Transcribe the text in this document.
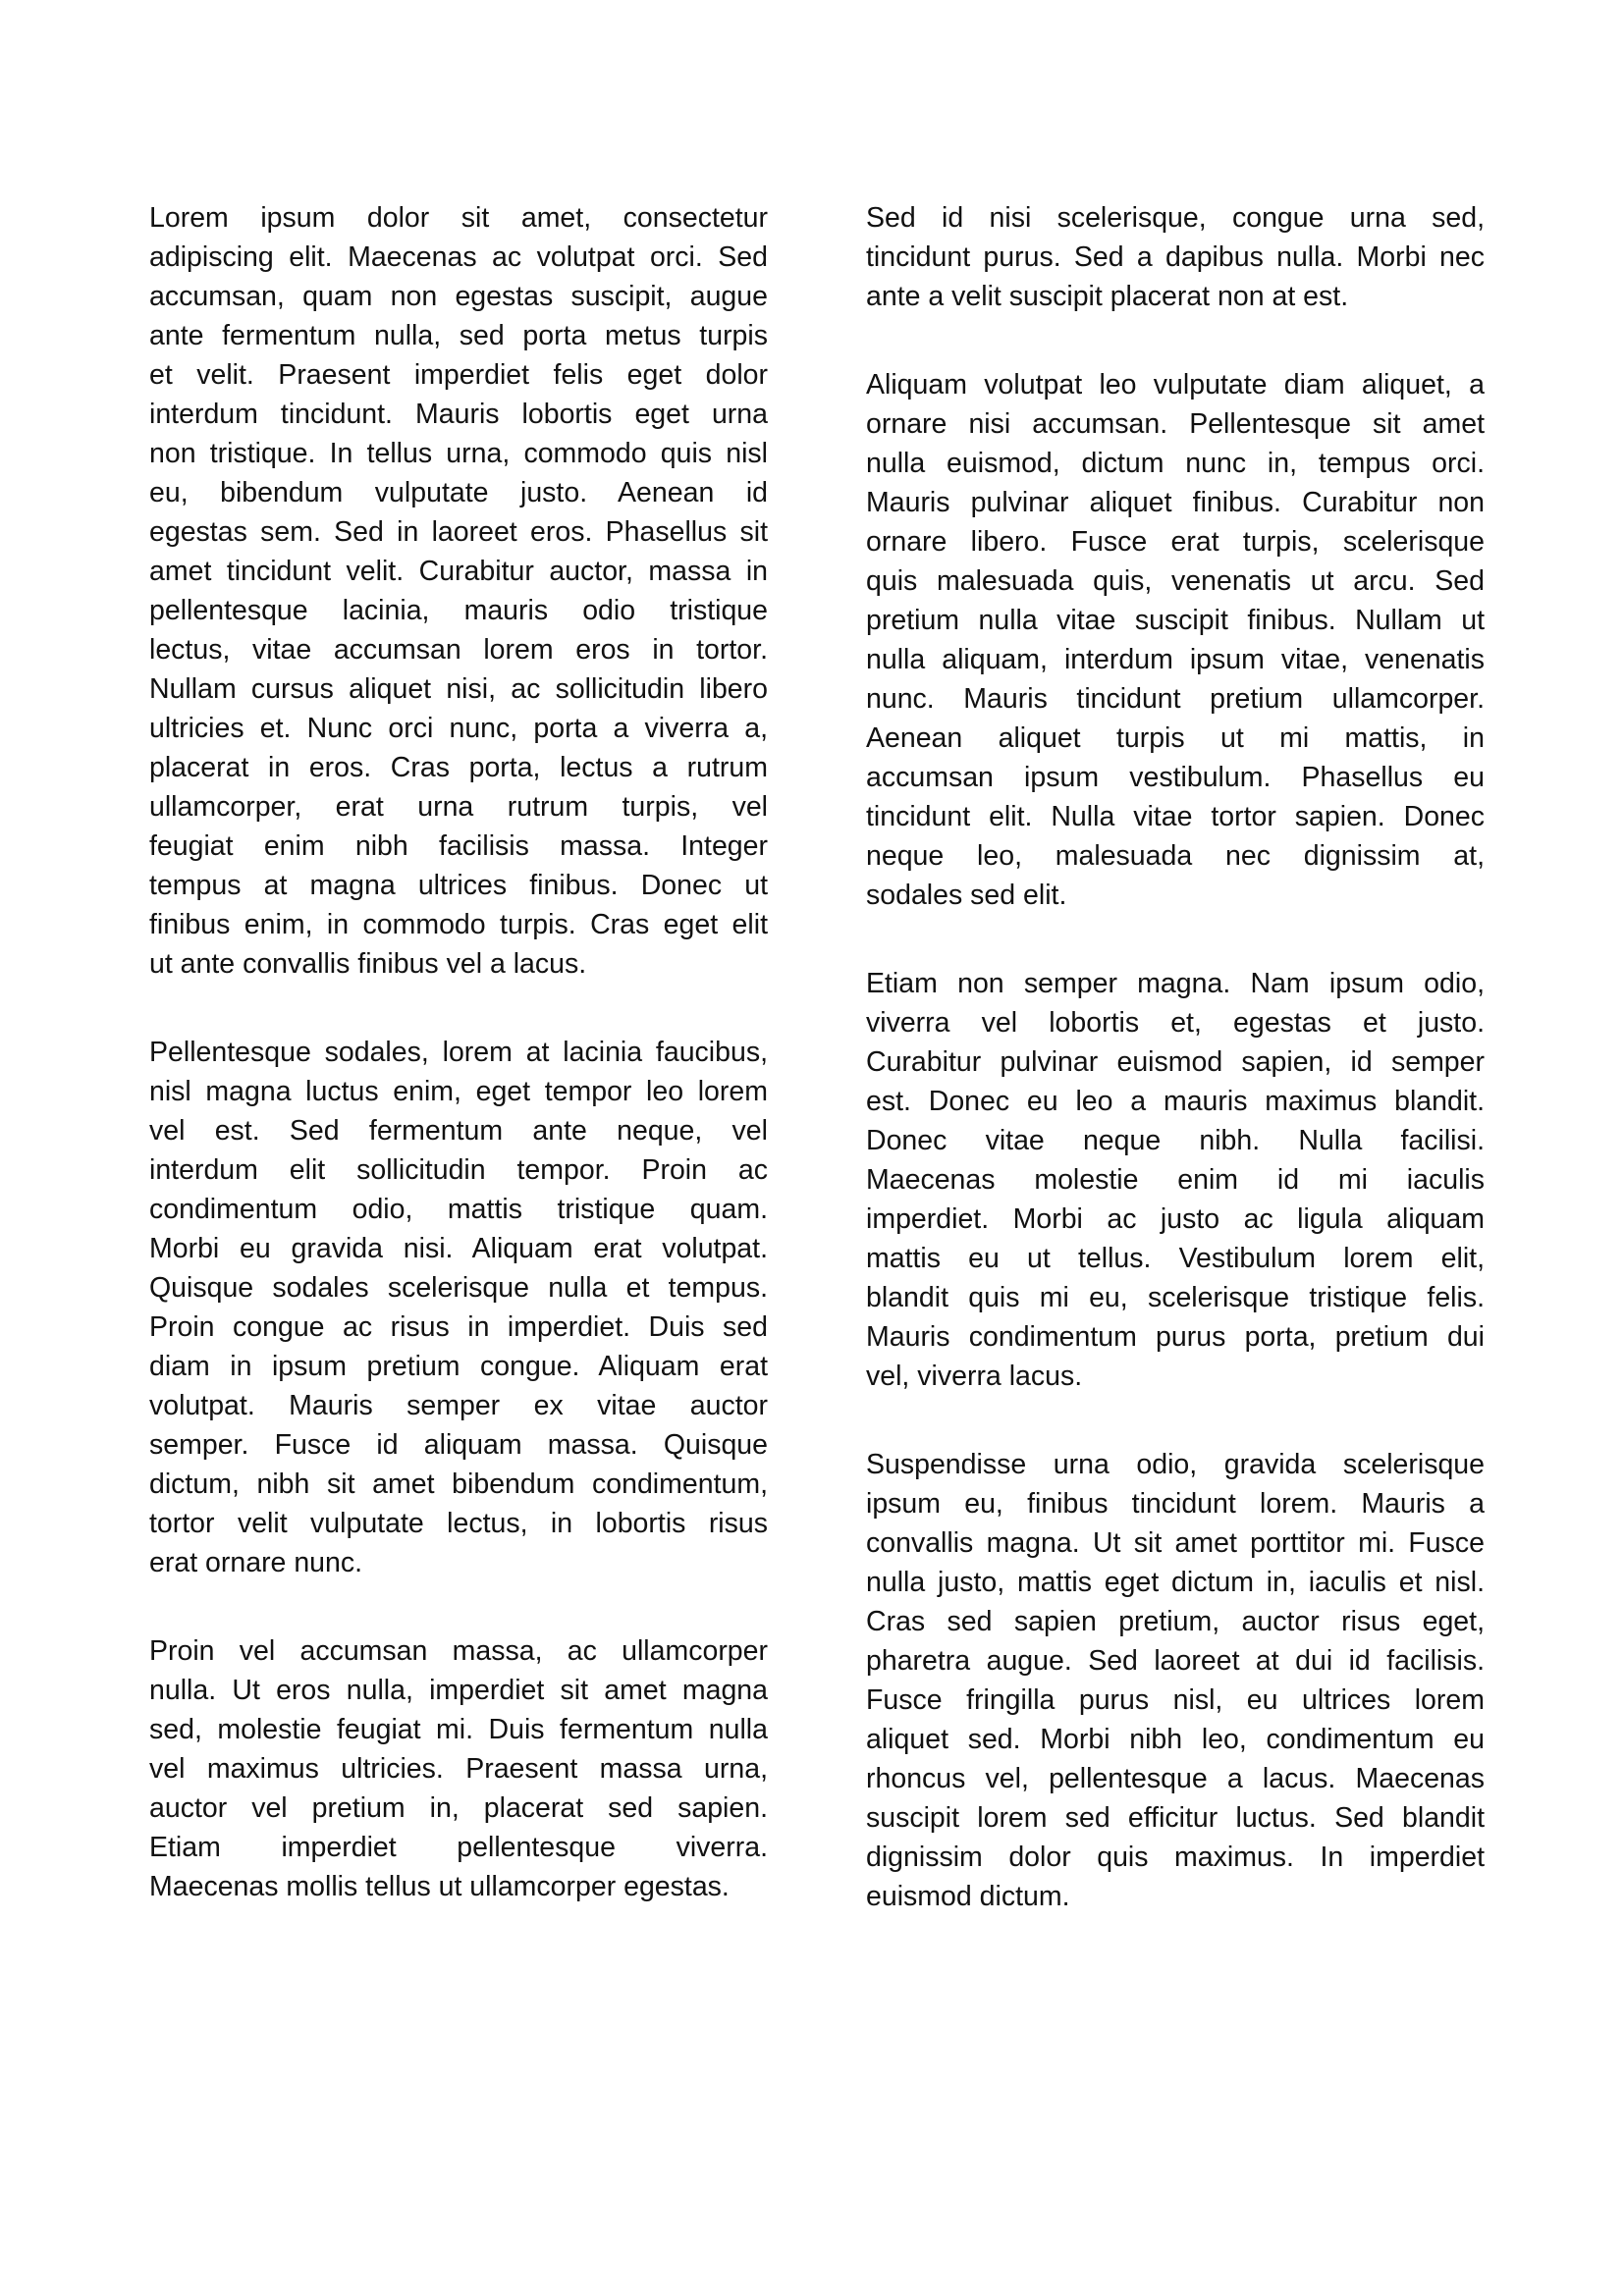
Lorem ipsum dolor sit amet, consectetur
adipiscing elit. Maecenas ac volutpat orci. Sed
accumsan, quam non egestas suscipit, augue
ante fermentum nulla, sed porta metus turpis
et velit. Praesent imperdiet felis eget dolor
interdum tincidunt. Mauris lobortis eget urna
non tristique. In tellus urna, commodo quis nisl
eu, bibendum vulputate justo. Aenean id
egestas sem. Sed in laoreet eros. Phasellus sit
amet tincidunt velit. Curabitur auctor, massa in
pellentesque lacinia, mauris odio tristique
lectus, vitae accumsan lorem eros in tortor.
Nullam cursus aliquet nisi, ac sollicitudin libero
ultricies et. Nunc orci nunc, porta a viverra a,
placerat in eros. Cras porta, lectus a rutrum
ullamcorper, erat urna rutrum turpis, vel
feugiat enim nibh facilisis massa. Integer
tempus at magna ultrices finibus. Donec ut
finibus enim, in commodo turpis. Cras eget elit
ut ante convallis finibus vel a lacus.
Pellentesque sodales, lorem at lacinia faucibus,
nisl magna luctus enim, eget tempor leo lorem
vel est. Sed fermentum ante neque, vel
interdum elit sollicitudin tempor. Proin ac
condimentum odio, mattis tristique quam.
Morbi eu gravida nisi. Aliquam erat volutpat.
Quisque sodales scelerisque nulla et tempus.
Proin congue ac risus in imperdiet. Duis sed
diam in ipsum pretium congue. Aliquam erat
volutpat. Mauris semper ex vitae auctor
semper. Fusce id aliquam massa. Quisque
dictum, nibh sit amet bibendum condimentum,
tortor velit vulputate lectus, in lobortis risus
erat ornare nunc.
Proin vel accumsan massa, ac ullamcorper
nulla. Ut eros nulla, imperdiet sit amet magna
sed, molestie feugiat mi. Duis fermentum nulla
vel maximus ultricies. Praesent massa urna,
auctor vel pretium in, placerat sed sapien.
Etiam imperdiet pellentesque viverra.
Maecenas mollis tellus ut ullamcorper egestas.
Sed id nisi scelerisque, congue urna sed,
tincidunt purus. Sed a dapibus nulla. Morbi nec
ante a velit suscipit placerat non at est.
Aliquam volutpat leo vulputate diam aliquet, a
ornare nisi accumsan. Pellentesque sit amet
nulla euismod, dictum nunc in, tempus orci.
Mauris pulvinar aliquet finibus. Curabitur non
ornare libero. Fusce erat turpis, scelerisque
quis malesuada quis, venenatis ut arcu. Sed
pretium nulla vitae suscipit finibus. Nullam ut
nulla aliquam, interdum ipsum vitae, venenatis
nunc. Mauris tincidunt pretium ullamcorper.
Aenean aliquet turpis ut mi mattis, in
accumsan ipsum vestibulum. Phasellus eu
tincidunt elit. Nulla vitae tortor sapien. Donec
neque leo, malesuada nec dignissim at,
sodales sed elit.
Etiam non semper magna. Nam ipsum odio,
viverra vel lobortis et, egestas et justo.
Curabitur pulvinar euismod sapien, id semper
est. Donec eu leo a mauris maximus blandit.
Donec vitae neque nibh. Nulla facilisi.
Maecenas molestie enim id mi iaculis
imperdiet. Morbi ac justo ac ligula aliquam
mattis eu ut tellus. Vestibulum lorem elit,
blandit quis mi eu, scelerisque tristique felis.
Mauris condimentum purus porta, pretium dui
vel, viverra lacus.
Suspendisse urna odio, gravida scelerisque
ipsum eu, finibus tincidunt lorem. Mauris a
convallis magna. Ut sit amet porttitor mi. Fusce
nulla justo, mattis eget dictum in, iaculis et nisl.
Cras sed sapien pretium, auctor risus eget,
pharetra augue. Sed laoreet at dui id facilisis.
Fusce fringilla purus nisl, eu ultrices lorem
aliquet sed. Morbi nibh leo, condimentum eu
rhoncus vel, pellentesque a lacus. Maecenas
suscipit lorem sed efficitur luctus. Sed blandit
dignissim dolor quis maximus. In imperdiet
euismod dictum.
